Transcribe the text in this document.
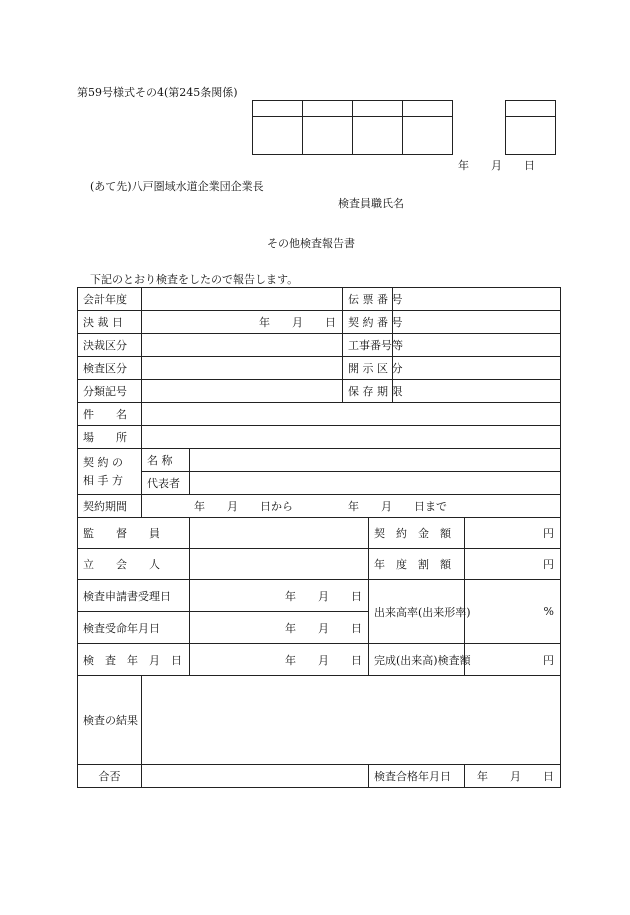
第59号様式その4(第245条関係)

年　　月　　日
(あて先)八戸圏域水道企業団企業長
検査員職氏名
その他検査報告書
下記のとおり検査をしたので報告します。
会計年度			伝 票 番 号			
決 裁 日	年　　月　　日		契 約 番 号			
決裁区分			工事番号等			
検査区分			開 示 区 分			
分類記号			保 存 期 限			
件　　名						
場　　所						
契 約 の
相 手 方	名 称					
	代表者					
契約期間	年　　月　　日から　　　　　年　　月　　日まで					
監　　督　　員				契　約　金　額		円
立　　会　　人				年　度　割　額		円
検査申請書受理日		年　　月　　日		出来高率(出来形率)		%
検査受命年月日		年　　月　　日				
検　査　年　月　日		年　　月　　日		完成(出来高)検査額		円
検査の結果						
合否				検査合格年月日		年　　月　　日
